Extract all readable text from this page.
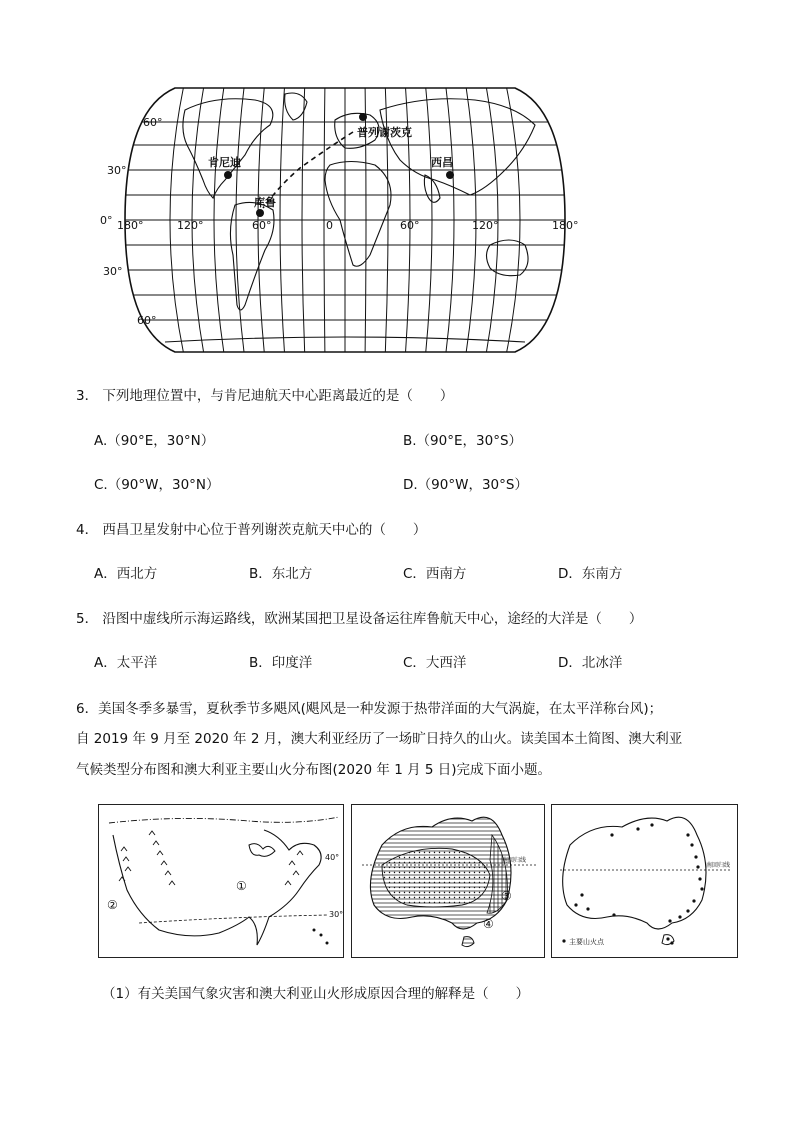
60°
30°
0°
30°
60°
180°	120°	60°	0	60°	120°	180°
普列谢茨克
肯尼迪	西昌
库鲁
3． 下列地理位置中，与肯尼迪航天中心距离最近的是（　　）
A.（90°E，30°N）	B.（90°E，30°S）
C.（90°W，30°N）	D.（90°W，30°S）
4． 西昌卫星发射中心位于普列谢茨克航天中心的（　　）
A．西北方	B．东北方	C．西南方	D．东南方
5． 沿图中虚线所示海运路线，欧洲某国把卫星设备运往库鲁航天中心，途经的大洋是（　　）
A．太平洋	B．印度洋	C．大西洋	D．北冰洋
6．美国冬季多暴雪，夏秋季节多飓风(飓风是一种发源于热带洋面的大气涡旋，在太平洋称台风)；
自 2019 年 9 月至 2020 年 2 月，澳大利亚经历了一场旷日持久的山火。读美国本土简图、澳大利亚
气候类型分布图和澳大利亚主要山火分布图(2020 年 1 月 5 日)完成下面小题。
①
②
40°
30°
南回归线
③
④
南回归线
主要山火点
（1）有关美国气象灾害和澳大利亚山火形成原因合理的解释是（　　）
